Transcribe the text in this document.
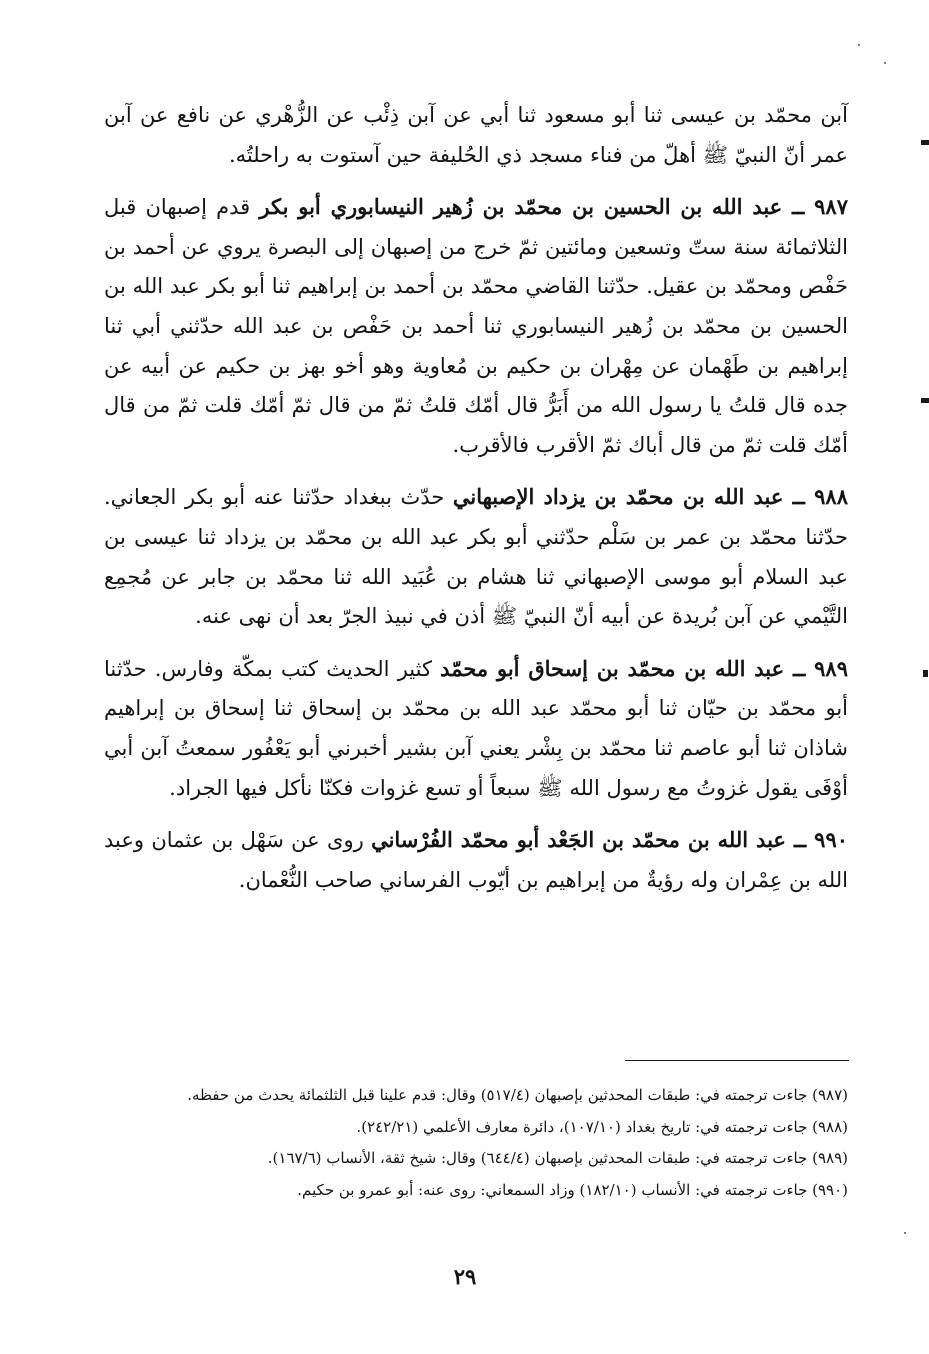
آبن محمّد بن عيسى ثنا أبو مسعود ثنا أبي عن آبن ذِئْب عن الزُّهْري عن نافع عن آبن عمر أنّ النبيّ ﷺ أهلّ من فناء مسجد ذي الحُليفة حين آستوت به راحلتُه.

٩٨٧ ــ عبد الله بن الحسين بن محمّد بن زُهير النيسابوري أبو بكر قدم إصبهان قبل الثلاثمائة سنة ستّ وتسعين ومائتين ثمّ خرج من إصبهان إلى البصرة يروي عن أحمد بن حَفْص ومحمّد بن عقيل. حدّثنا القاضي محمّد بن أحمد بن إبراهيم ثنا أبو بكر عبد الله بن الحسين بن محمّد بن زُهير النيسابوري ثنا أحمد بن حَفْص بن عبد الله حدّثني أبي ثنا إبراهيم بن طَهْمان عن مِهْران بن حكيم بن مُعاوية وهو أخو بهز بن حكيم عن أبيه عن جده قال قلتُ يا رسول الله من أَبَرُّ قال أمّك قلتُ ثمّ من قال ثمّ أمّك قلت ثمّ من قال أمّك قلت ثمّ من قال أباك ثمّ الأقرب فالأقرب.

٩٨٨ ــ عبد الله بن محمّد بن يزداد الإصبهاني حدّث ببغداد حدّثنا عنه أبو بكر الجعاني. حدّثنا محمّد بن عمر بن سَلْم حدّثني أبو بكر عبد الله بن محمّد بن يزداد ثنا عيسى بن عبد السلام أبو موسى الإصبهاني ثنا هشام بن عُبَيد الله ثنا محمّد بن جابر عن مُجمِع التَّيْمي عن آبن بُريدة عن أبيه أنّ النبيّ ﷺ أذن في نبيذ الجرّ بعد أن نهى عنه.

٩٨٩ ــ عبد الله بن محمّد بن إسحاق أبو محمّد كثير الحديث كتب بمكّة وفارس. حدّثنا أبو محمّد بن حيّان ثنا أبو محمّد عبد الله بن محمّد بن إسحاق ثنا إسحاق بن إبراهيم شاذان ثنا أبو عاصم ثنا محمّد بن بِشْر يعني آبن بشير أخبرني أبو يَعْفُور سمعتُ آبن أبي أوْفَى يقول غزوتُ مع رسول الله ﷺ سبعاً أو تسع غزوات فكنّا نأكل فيها الجراد.

٩٩٠ ــ عبد الله بن محمّد بن الجَعْد أبو محمّد الفُرْساني روى عن سَهْل بن عثمان وعبد الله بن عِمْران وله رؤيةٌ من إبراهيم بن أيّوب الفرساني صاحب النُّعْمان.

(٩٨٧) جاءت ترجمته في: طبقات المحدثين بإصبهان (٥١٧/٤) وقال: قدم علينا قبل الثلثمائة يحدث من حفظه.

(٩٨٨) جاءت ترجمته في: تاريخ بغداد (١٠٧/١٠)، دائرة معارف الأعلمي (٢٤٢/٢١).

(٩٨٩) جاءت ترجمته في: طبقات المحدثين بإصبهان (٦٤٤/٤) وقال: شيخ ثقة، الأنساب (١٦٧/٦).

(٩٩٠) جاءت ترجمته في: الأنساب (١٨٢/١٠) وزاد السمعاني: روى عنه: أبو عمرو بن حكيم.

٢٩
